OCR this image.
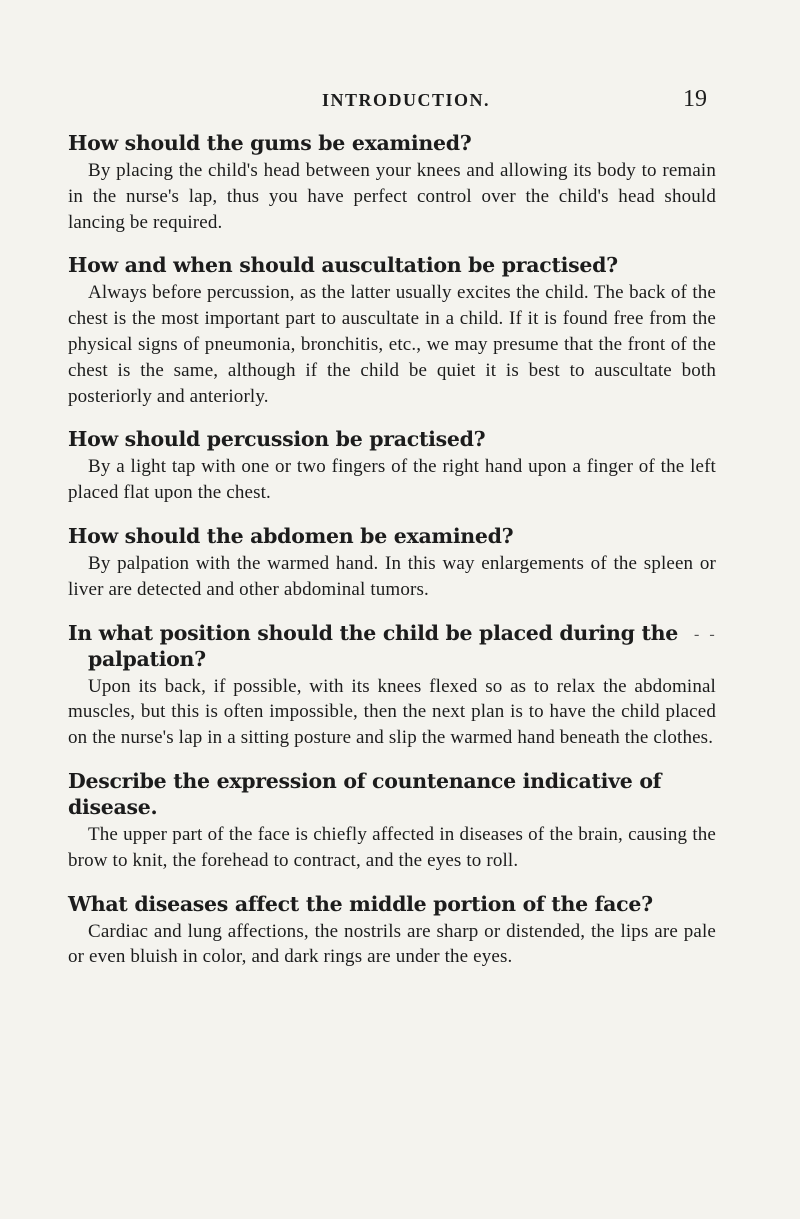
INTRODUCTION.	19

How should the gums be examined?

By placing the child's head between your knees and allowing its body to remain in the nurse's lap, thus you have perfect control over the child's head should lancing be required.

How and when should auscultation be practised?

Always before percussion, as the latter usually excites the child. The back of the chest is the most important part to auscultate in a child. If it is found free from the physical signs of pneumonia, bronchitis, etc., we may presume that the front of the chest is the same, although if the child be quiet it is best to auscultate both posteriorly and anteriorly.

How should percussion be practised?

By a light tap with one or two fingers of the right hand upon a finger of the left placed flat upon the chest.

How should the abdomen be examined?

By palpation with the warmed hand. In this way enlargements of the spleen or liver are detected and other abdominal tumors.

In what position should the child be placed during the palpation?

Upon its back, if possible, with its knees flexed so as to relax the abdominal muscles, but this is often impossible, then the next plan is to have the child placed on the nurse's lap in a sitting posture and slip the warmed hand beneath the clothes.

Describe the expression of countenance indicative of disease.

The upper part of the face is chiefly affected in diseases of the brain, causing the brow to knit, the forehead to contract, and the eyes to roll.

What diseases affect the middle portion of the face?

Cardiac and lung affections, the nostrils are sharp or distended, the lips are pale or even bluish in color, and dark rings are under the eyes.

- -
